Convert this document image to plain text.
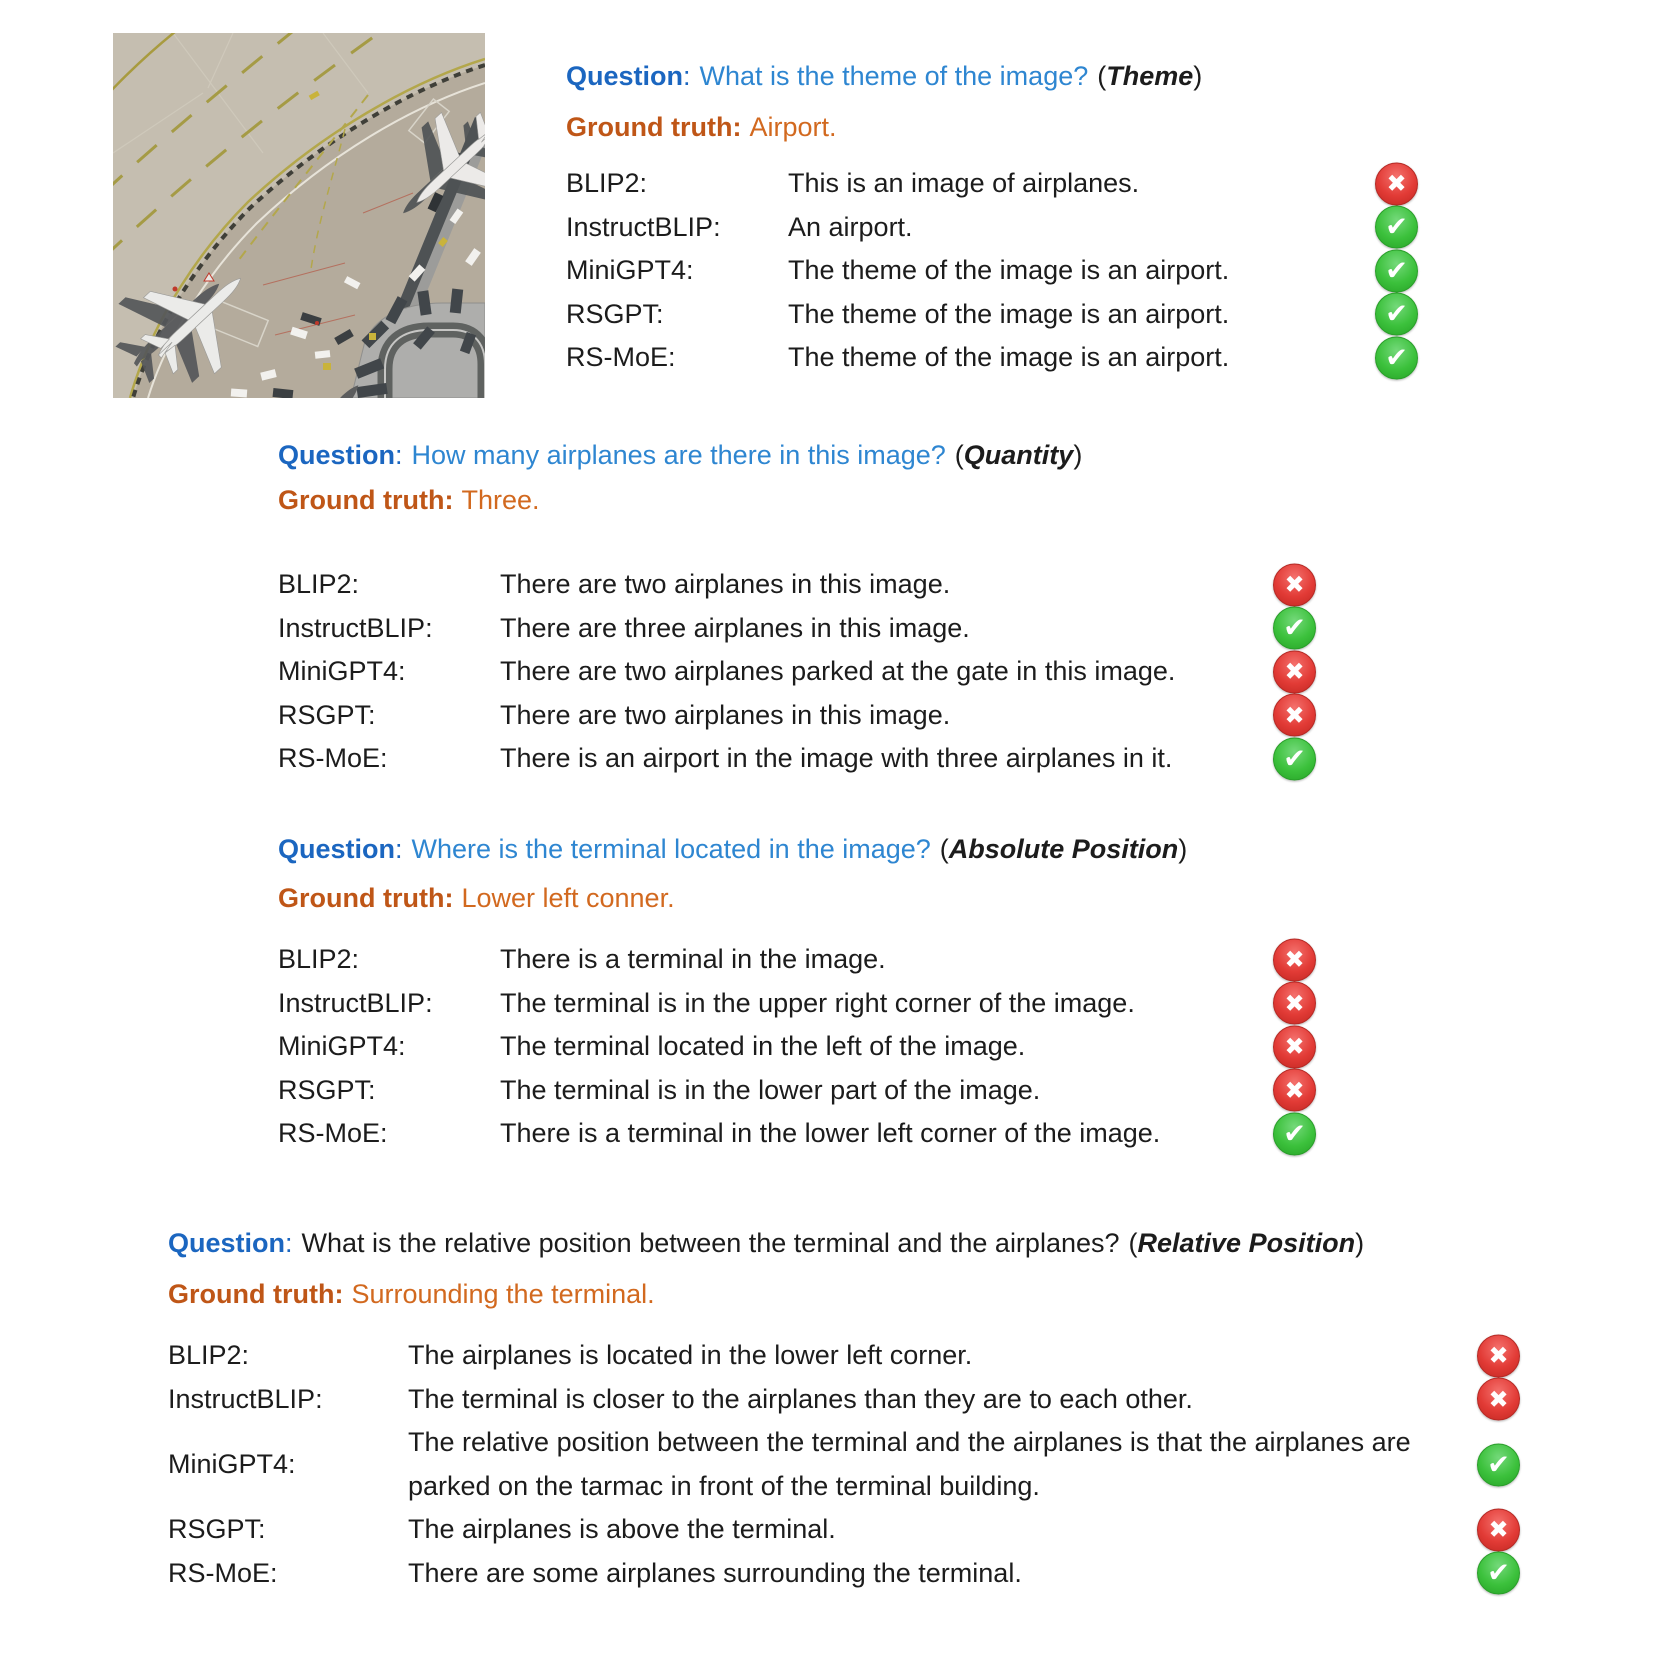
Question: What is the theme of the image? (Theme)

Ground truth: Airport.

BLIP2:	This is an image of airplanes.	✖
InstructBLIP:	An airport.	✔
MiniGPT4:	The theme of the image is an airport.	✔
RSGPT:	The theme of the image is an airport.	✔
RS-MoE:	The theme of the image is an airport.	✔

Question: How many airplanes are there in this image? (Quantity)

Ground truth: Three.

BLIP2:	There are two airplanes in this image.	✖
InstructBLIP:	There are three airplanes in this image.	✔
MiniGPT4:	There are two airplanes parked at the gate in this image.	✖
RSGPT:	There are two airplanes in this image.	✖
RS-MoE:	There is an airport in the image with three airplanes in it.	✔

Question: Where is the terminal located in the image? (Absolute Position)

Ground truth: Lower left conner.

BLIP2:	There is a terminal in the image.	✖
InstructBLIP:	The terminal is in the upper right corner of the image.	✖
MiniGPT4:	The terminal located in the left of the image.	✖
RSGPT:	The terminal is in the lower part of the image.	✖
RS-MoE:	There is a terminal in the lower left corner of the image.	✔

Question: What is the relative position between the terminal and the airplanes? (Relative Position)

Ground truth: Surrounding the terminal.

BLIP2:	The airplanes is located in the lower left corner.	✖
InstructBLIP:	The terminal is closer to the airplanes than they are to each other.	✖
MiniGPT4:
The relative position between the terminal and the airplanes is that the airplanes are parked on the tarmac in front of the terminal building.
✔
RSGPT:	The airplanes is above the terminal.	✖
RS-MoE:	There are some airplanes surrounding the terminal.	✔
